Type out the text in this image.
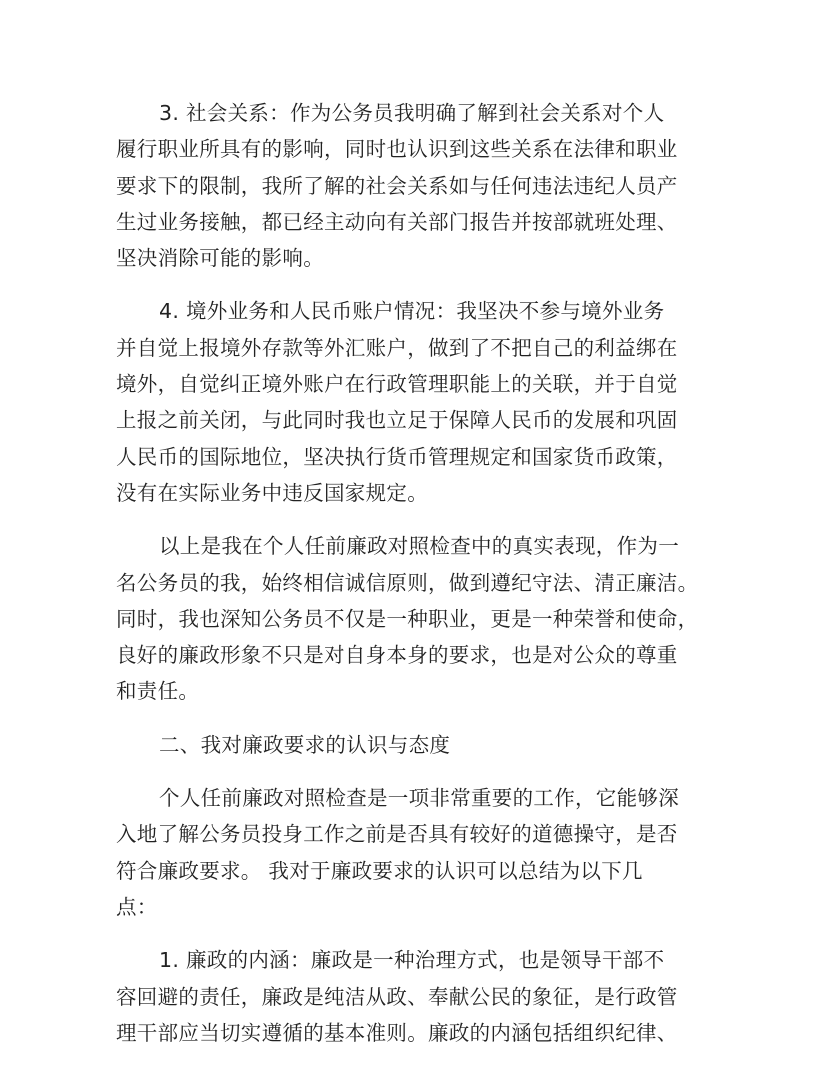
3. 社会关系：作为公务员我明确了解到社会关系对个人
履行职业所具有的影响，同时也认识到这些关系在法律和职业
要求下的限制，我所了解的社会关系如与任何违法违纪人员产
生过业务接触，都已经主动向有关部门报告并按部就班处理、
坚决消除可能的影响。

4. 境外业务和人民币账户情况：我坚决不参与境外业务
并自觉上报境外存款等外汇账户，做到了不把自己的利益绑在
境外，自觉纠正境外账户在行政管理职能上的关联，并于自觉
上报之前关闭，与此同时我也立足于保障人民币的发展和巩固
人民币的国际地位，坚决执行货币管理规定和国家货币政策，
没有在实际业务中违反国家规定。

以上是我在个人任前廉政对照检查中的真实表现，作为一
名公务员的我，始终相信诚信原则，做到遵纪守法、清正廉洁。
同时，我也深知公务员不仅是一种职业，更是一种荣誉和使命，
良好的廉政形象不只是对自身本身的要求，也是对公众的尊重
和责任。

二、我对廉政要求的认识与态度

个人任前廉政对照检查是一项非常重要的工作，它能够深
入地了解公务员投身工作之前是否具有较好的道德操守，是否
符合廉政要求。 我对于廉政要求的认识可以总结为以下几
点：

1. 廉政的内涵：廉政是一种治理方式，也是领导干部不
容回避的责任，廉政是纯洁从政、奉献公民的象征，是行政管
理干部应当切实遵循的基本准则。廉政的内涵包括组织纪律、
